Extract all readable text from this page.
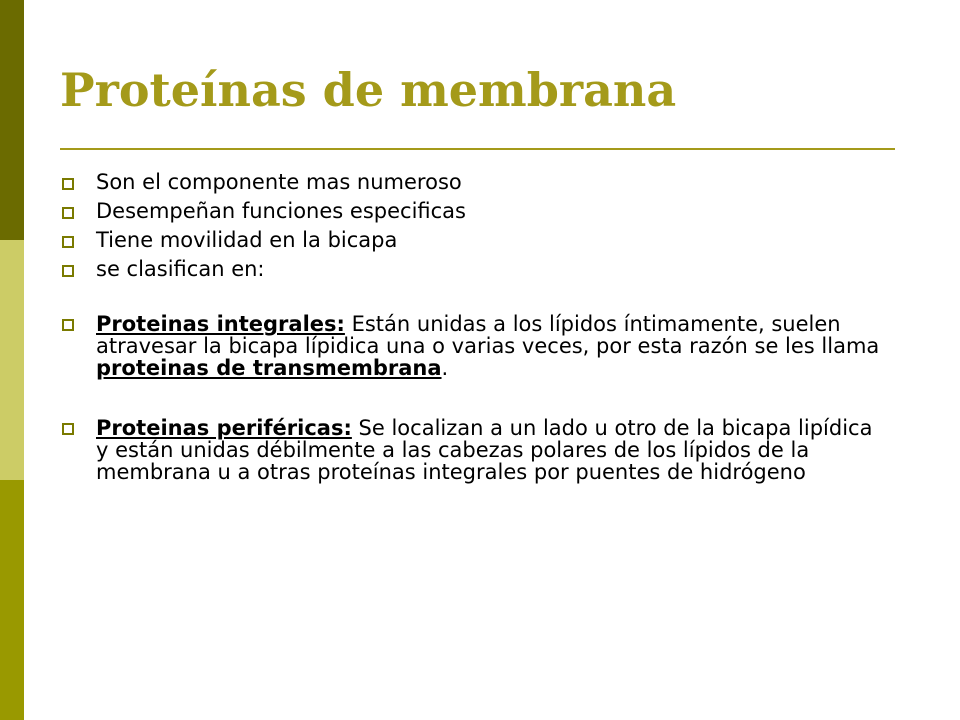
Proteínas de membrana
Son el componente mas numeroso
Desempeñan funciones especificas
Tiene movilidad en la bicapa
se clasifican en:
Proteinas integrales: Están unidas a los lípidos íntimamente, suelen atravesar la bicapa lípidica una o varias veces, por esta razón se les llama proteinas de transmembrana.
Proteinas periféricas: Se localizan a un lado u otro de la bicapa lipídica y están unidas débilmente a las cabezas polares de los lípidos de la membrana u a otras proteínas integrales por puentes de hidrógeno
